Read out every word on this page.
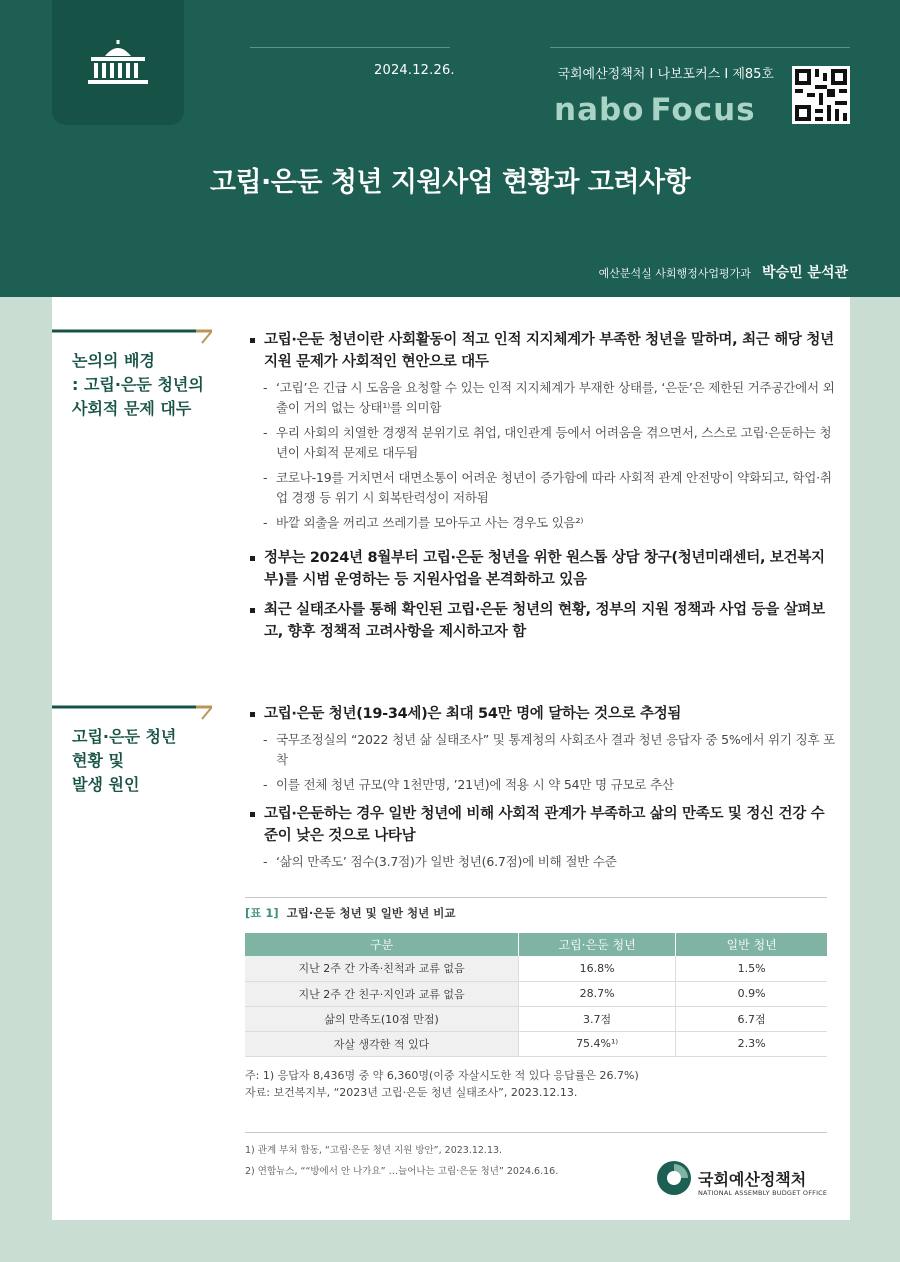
2024.12.26.	국회예산정책처 I 나보포커스 I 제85호
nabo Focus
고립·은둔 청년 지원사업 현황과 고려사항
예산분석실 사회행정사업평가과 박승민 분석관
논의의 배경
: 고립·은둔 청년의
사회적 문제 대두
고립·은둔 청년이란 사회활동이 적고 인적 지지체계가 부족한 청년을 말하며, 최근 해당 청년 지원 문제가 사회적인 현안으로 대두
- ‘고립’은 긴급 시 도움을 요청할 수 있는 인적 지지체계가 부재한 상태를, ‘은둔’은 제한된 거주공간에서 외출이 거의 없는 상태¹⁾를 의미함
- 우리 사회의 치열한 경쟁적 분위기로 취업, 대인관계 등에서 어려움을 겪으면서, 스스로 고립·은둔하는 청년이 사회적 문제로 대두됨
- 코로나-19를 거치면서 대면소통이 어려운 청년이 증가함에 따라 사회적 관계 안전망이 약화되고, 학업·취업 경쟁 등 위기 시 회복탄력성이 저하됨
- 바깥 외출을 꺼리고 쓰레기를 모아두고 사는 경우도 있음²⁾
정부는 2024년 8월부터 고립·은둔 청년을 위한 원스톱 상담 창구(청년미래센터, 보건복지부)를 시범 운영하는 등 지원사업을 본격화하고 있음
최근 실태조사를 통해 확인된 고립·은둔 청년의 현황, 정부의 지원 정책과 사업 등을 살펴보고, 향후 정책적 고려사항을 제시하고자 함
고립·은둔 청년
현황 및
발생 원인
고립·은둔 청년(19-34세)은 최대 54만 명에 달하는 것으로 추정됨
- 국무조정실의 “2022 청년 삶 실태조사” 및 통계청의 사회조사 결과 청년 응답자 중 5%에서 위기 징후 포착
- 이를 전체 청년 규모(약 1천만명, ’21년)에 적용 시 약 54만 명 규모로 추산
고립·은둔하는 경우 일반 청년에 비해 사회적 관계가 부족하고 삶의 만족도 및 정신 건강 수준이 낮은 것으로 나타남
- ‘삶의 만족도’ 점수(3.7점)가 일반 청년(6.7점)에 비해 절반 수준
[표 1] 고립·은둔 청년 및 일반 청년 비교
구분	고립·은둔 청년	일반 청년
지난 2주 간 가족·친척과 교류 없음	16.8%	1.5%
지난 2주 간 친구·지인과 교류 없음	28.7%	0.9%
삶의 만족도(10점 만점)	3.7점	6.7점
자살 생각한 적 있다	75.4%¹⁾	2.3%
주: 1) 응답자 8,436명 중 약 6,360명(이중 자살시도한 적 있다 응답률은 26.7%)
자료: 보건복지부, “2023년 고립·은둔 청년 실태조사”, 2023.12.13.
1) 관계 부처 합동, “고립·은둔 청년 지원 방안”, 2023.12.13.
2) 연합뉴스, ““방에서 안 나가요” …늘어나는 고립·은둔 청년” 2024.6.16.	국회예산정책처
NATIONAL ASSEMBLY BUDGET OFFICE
